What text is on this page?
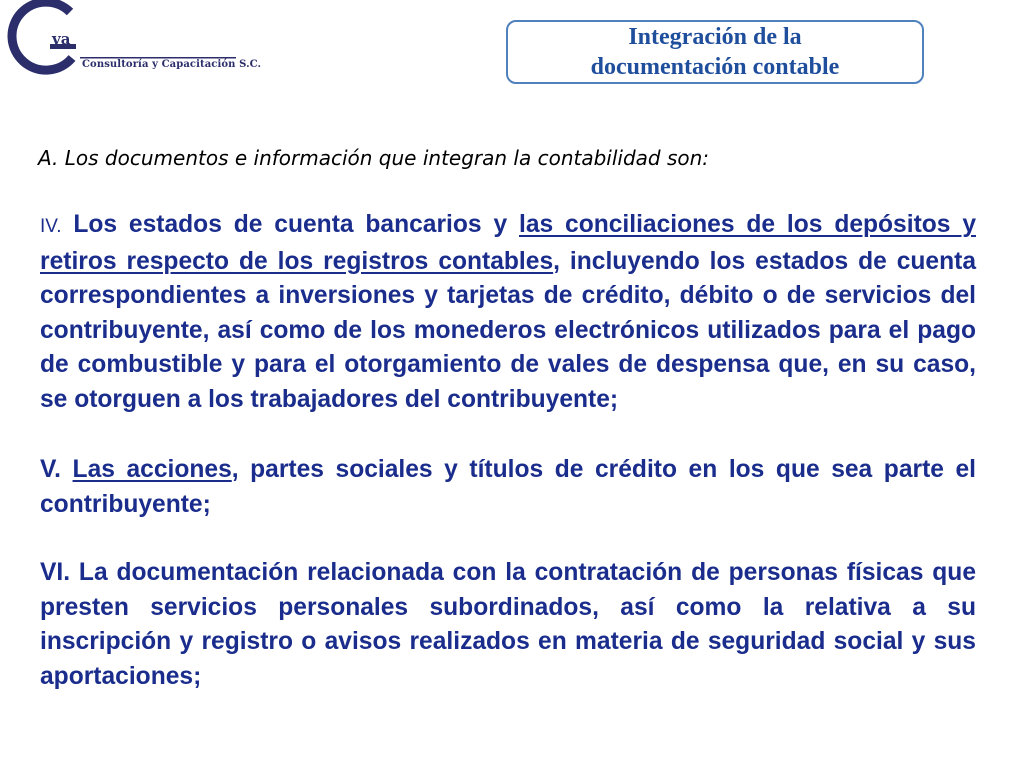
va
Consultoría y Capacitación S.C.
Integración de la
documentación contable
A. Los documentos e información que integran la contabilidad son:

IV. Los estados de cuenta bancarios y las conciliaciones de los depósitos y retiros respecto de los registros contables, incluyendo los estados de cuenta correspondientes a inversiones y tarjetas de crédito, débito o de servicios del contribuyente, así como de los monederos electrónicos utilizados para el pago de combustible y para el otorgamiento de vales de despensa que, en su caso, se otorguen a los trabajadores del contribuyente;

V. Las acciones, partes sociales y títulos de crédito en los que sea parte el contribuyente;

VI. La documentación relacionada con la contratación de personas físicas que presten servicios personales subordinados, así como la relativa a su inscripción y registro o avisos realizados en materia de seguridad social y sus aportaciones;
